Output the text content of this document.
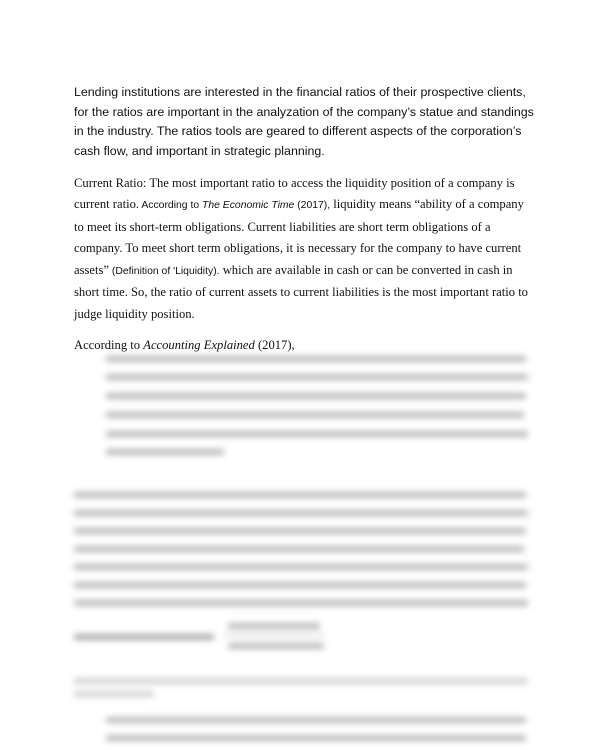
Lending institutions are interested in the financial ratios of their prospective clients, for the ratios are important in the analyzation of the company’s statue and standings in the industry. The ratios tools are geared to different aspects of the corporation’s cash flow, and important in strategic planning.

Current Ratio: The most important ratio to access the liquidity position of a company is current ratio. According to The Economic Time (2017), liquidity means “ability of a company to meet its short-term obligations. Current liabilities are short term obligations of a company. To meet short term obligations, it is necessary for the company to have current assets” (Definition of 'Liquidity). which are available in cash or can be converted in cash in short time. So, the ratio of current assets to current liabilities is the most important ratio to judge liquidity position.

According to Accounting Explained (2017),
